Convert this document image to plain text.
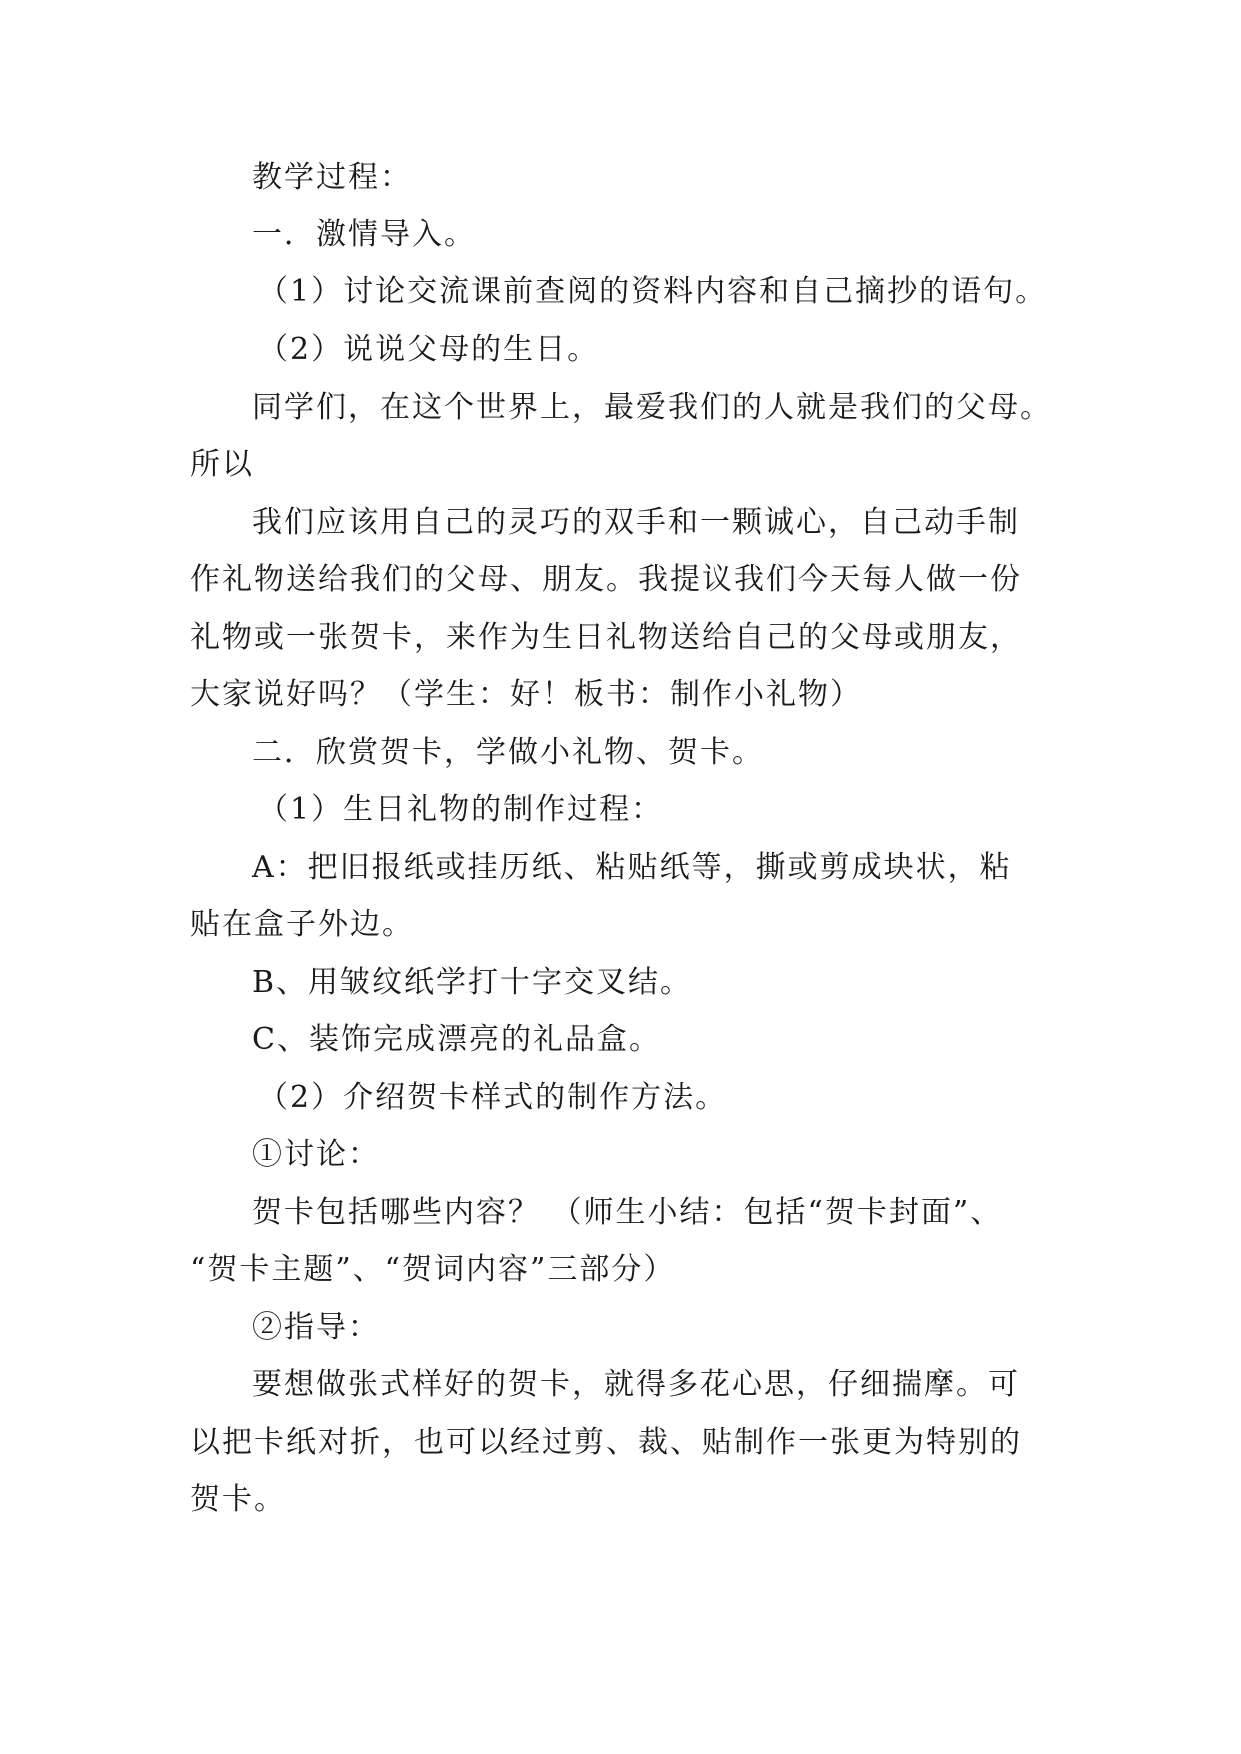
教学过程：
一．激情导入。
（1）讨论交流课前查阅的资料内容和自己摘抄的语句。
（2）说说父母的生日。
同学们，在这个世界上，最爱我们的人就是我们的父母。
所以
我们应该用自己的灵巧的双手和一颗诚心，自己动手制
作礼物送给我们的父母、朋友。我提议我们今天每人做一份
礼物或一张贺卡，来作为生日礼物送给自己的父母或朋友，
大家说好吗？（学生：好！板书：制作小礼物）
二．欣赏贺卡，学做小礼物、贺卡。
（1）生日礼物的制作过程：
A：把旧报纸或挂历纸、粘贴纸等，撕或剪成块状，粘
贴在盒子外边。
B、用皱纹纸学打十字交叉结。
C、装饰完成漂亮的礼品盒。
（2）介绍贺卡样式的制作方法。
①讨论：
贺卡包括哪些内容？ （师生小结：包括“贺卡封面”、
“贺卡主题”、“贺词内容”三部分）
②指导：
要想做张式样好的贺卡，就得多花心思，仔细揣摩。可
以把卡纸对折，也可以经过剪、裁、贴制作一张更为特别的
贺卡。
